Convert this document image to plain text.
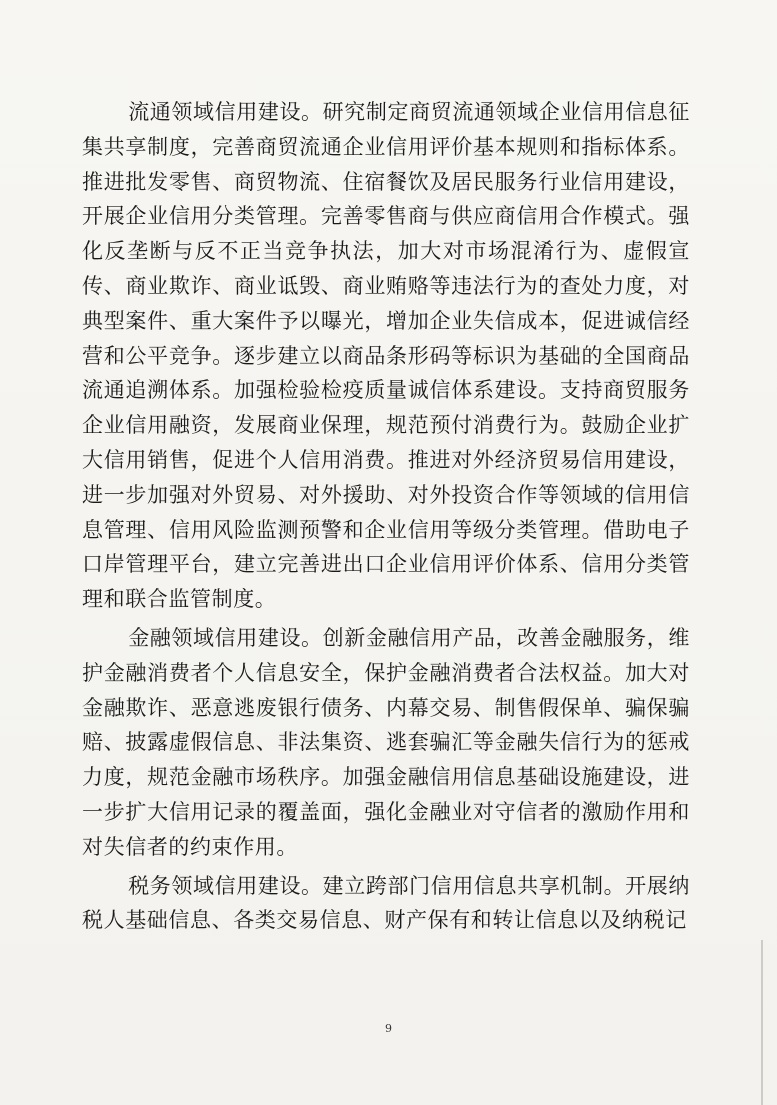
流通领域信用建设。研究制定商贸流通领域企业信用信息征集共享制度，完善商贸流通企业信用评价基本规则和指标体系。推进批发零售、商贸物流、住宿餐饮及居民服务行业信用建设，开展企业信用分类管理。完善零售商与供应商信用合作模式。强化反垄断与反不正当竞争执法，加大对市场混淆行为、虚假宣传、商业欺诈、商业诋毁、商业贿赂等违法行为的查处力度，对典型案件、重大案件予以曝光，增加企业失信成本，促进诚信经营和公平竞争。逐步建立以商品条形码等标识为基础的全国商品流通追溯体系。加强检验检疫质量诚信体系建设。支持商贸服务企业信用融资，发展商业保理，规范预付消费行为。鼓励企业扩大信用销售，促进个人信用消费。推进对外经济贸易信用建设，进一步加强对外贸易、对外援助、对外投资合作等领域的信用信息管理、信用风险监测预警和企业信用等级分类管理。借助电子口岸管理平台，建立完善进出口企业信用评价体系、信用分类管理和联合监管制度。

金融领域信用建设。创新金融信用产品，改善金融服务，维护金融消费者个人信息安全，保护金融消费者合法权益。加大对金融欺诈、恶意逃废银行债务、内幕交易、制售假保单、骗保骗赔、披露虚假信息、非法集资、逃套骗汇等金融失信行为的惩戒力度，规范金融市场秩序。加强金融信用信息基础设施建设，进一步扩大信用记录的覆盖面，强化金融业对守信者的激励作用和对失信者的约束作用。

税务领域信用建设。建立跨部门信用信息共享机制。开展纳税人基础信息、各类交易信息、财产保有和转让信息以及纳税记

9
